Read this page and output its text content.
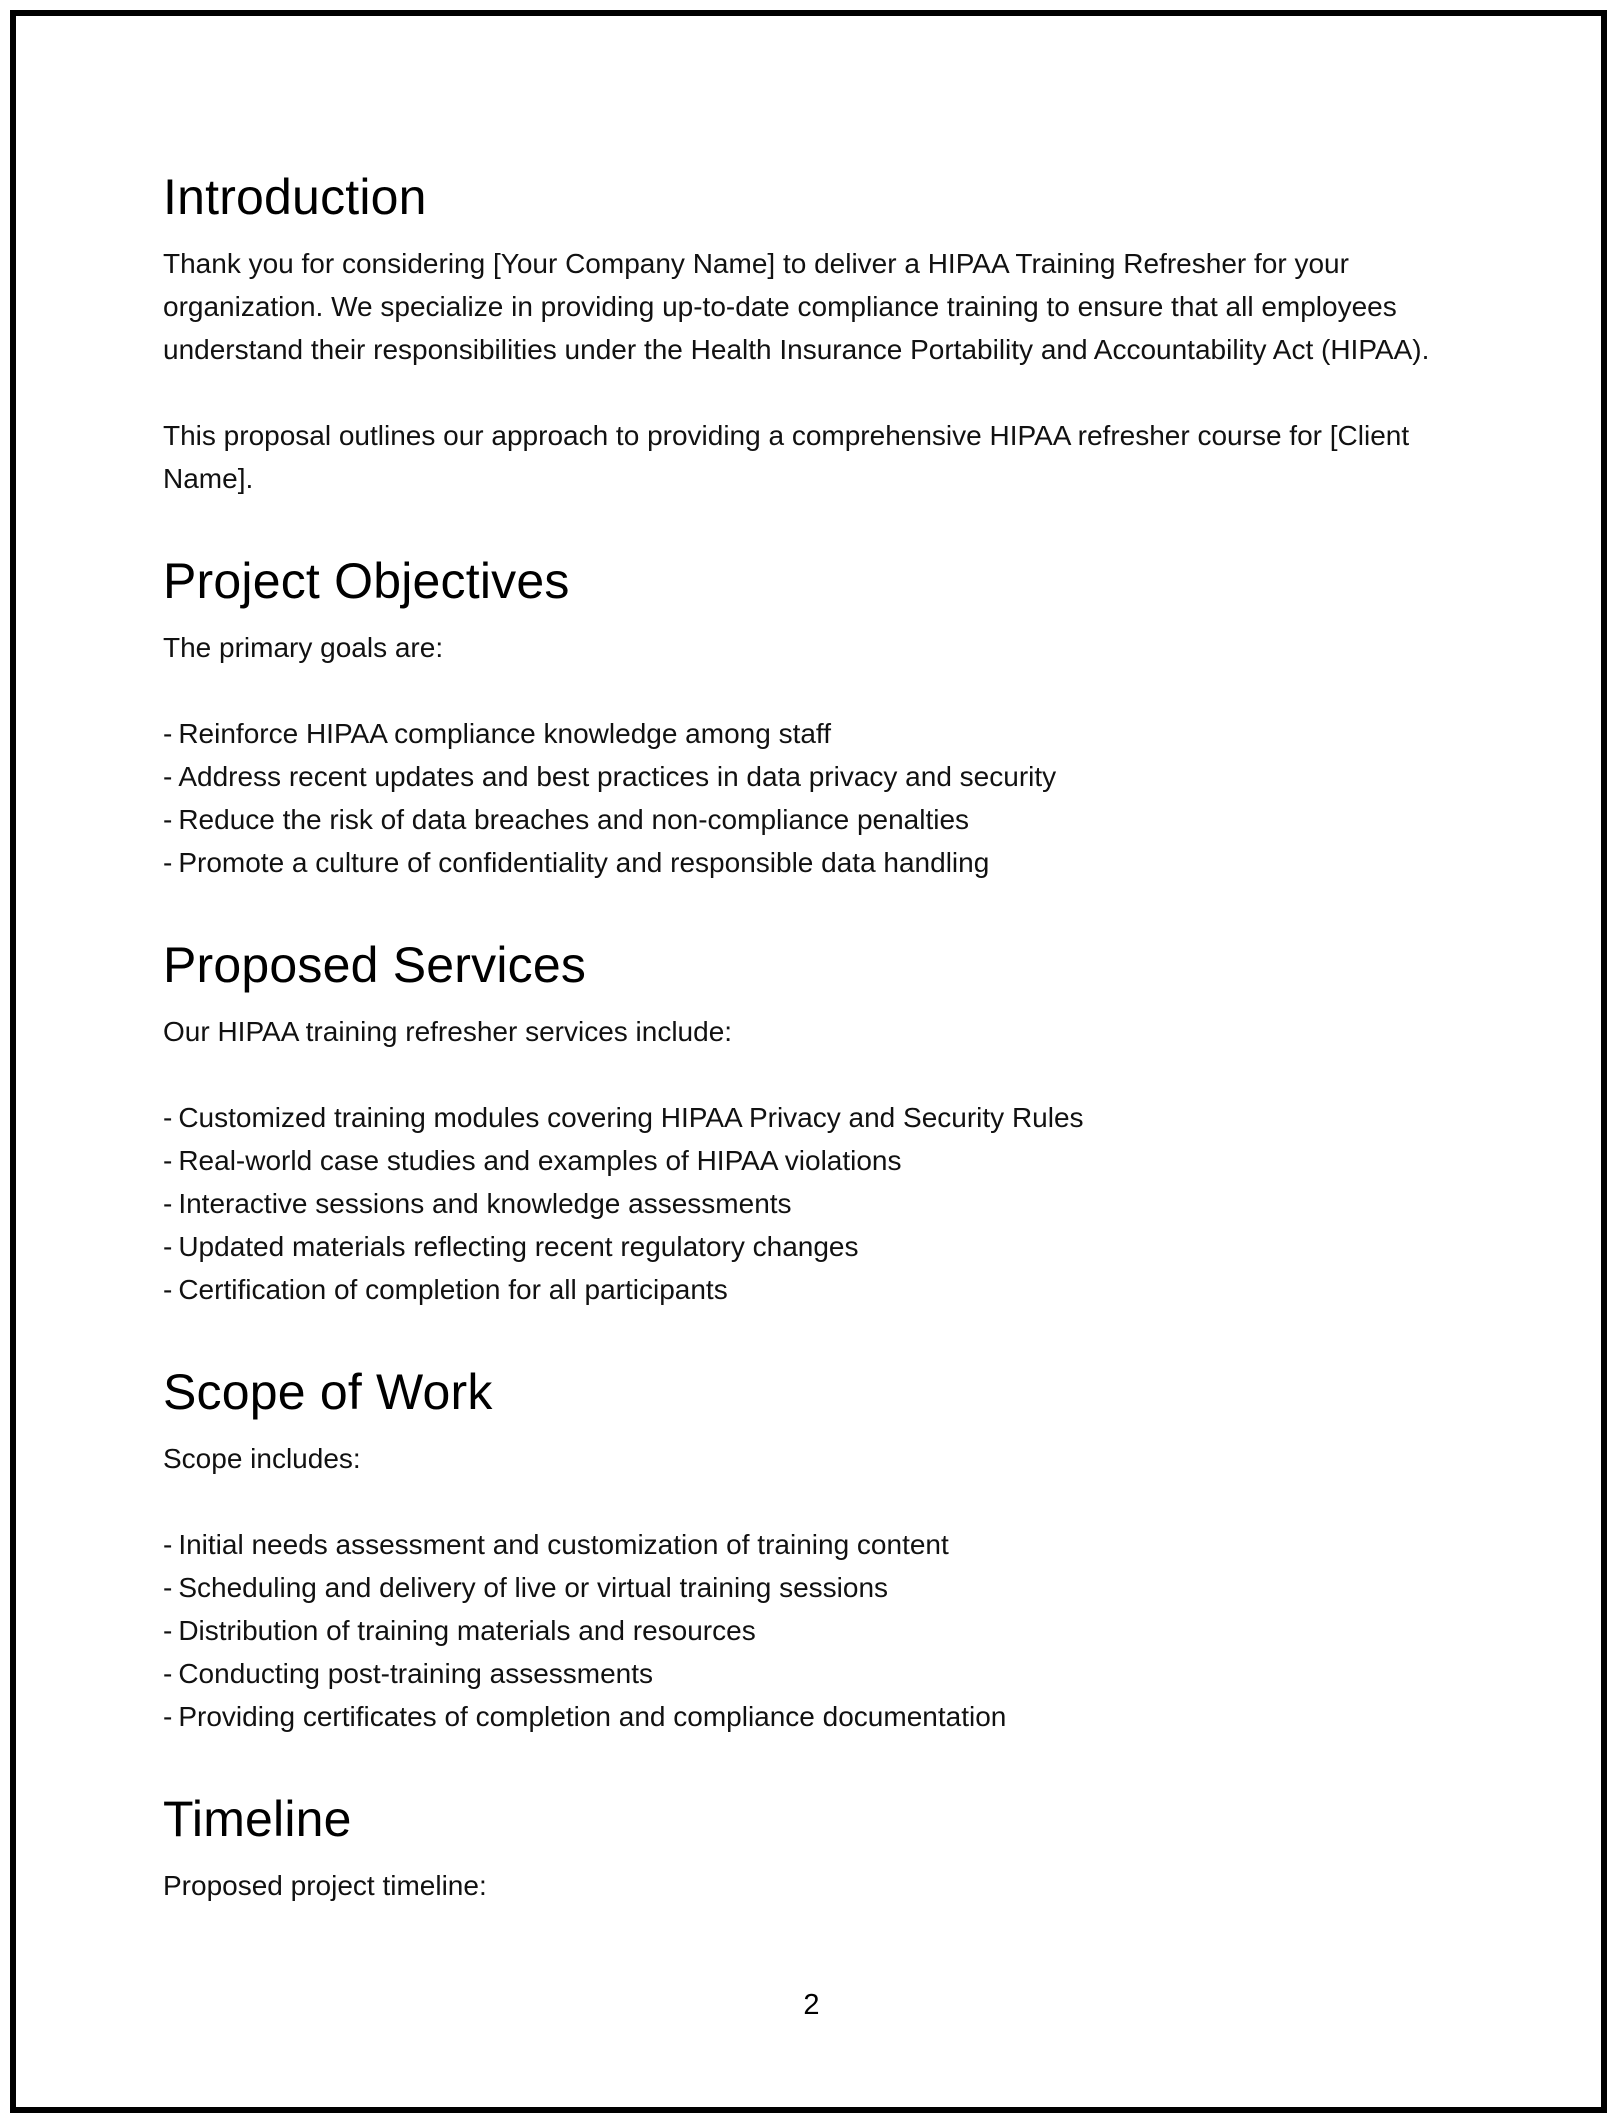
Introduction

Thank you for considering [Your Company Name] to deliver a HIPAA Training Refresher for your organization. We specialize in providing up-to-date compliance training to ensure that all employees understand their responsibilities under the Health Insurance Portability and Accountability Act (HIPAA).

This proposal outlines our approach to providing a comprehensive HIPAA refresher course for [Client Name].

Project Objectives

The primary goals are:

- Reinforce HIPAA compliance knowledge among staff
- Address recent updates and best practices in data privacy and security
- Reduce the risk of data breaches and non-compliance penalties
- Promote a culture of confidentiality and responsible data handling
Proposed Services

Our HIPAA training refresher services include:

- Customized training modules covering HIPAA Privacy and Security Rules
- Real-world case studies and examples of HIPAA violations
- Interactive sessions and knowledge assessments
- Updated materials reflecting recent regulatory changes
- Certification of completion for all participants
Scope of Work

Scope includes:

- Initial needs assessment and customization of training content
- Scheduling and delivery of live or virtual training sessions
- Distribution of training materials and resources
- Conducting post-training assessments
- Providing certificates of completion and compliance documentation
Timeline

Proposed project timeline:

2
